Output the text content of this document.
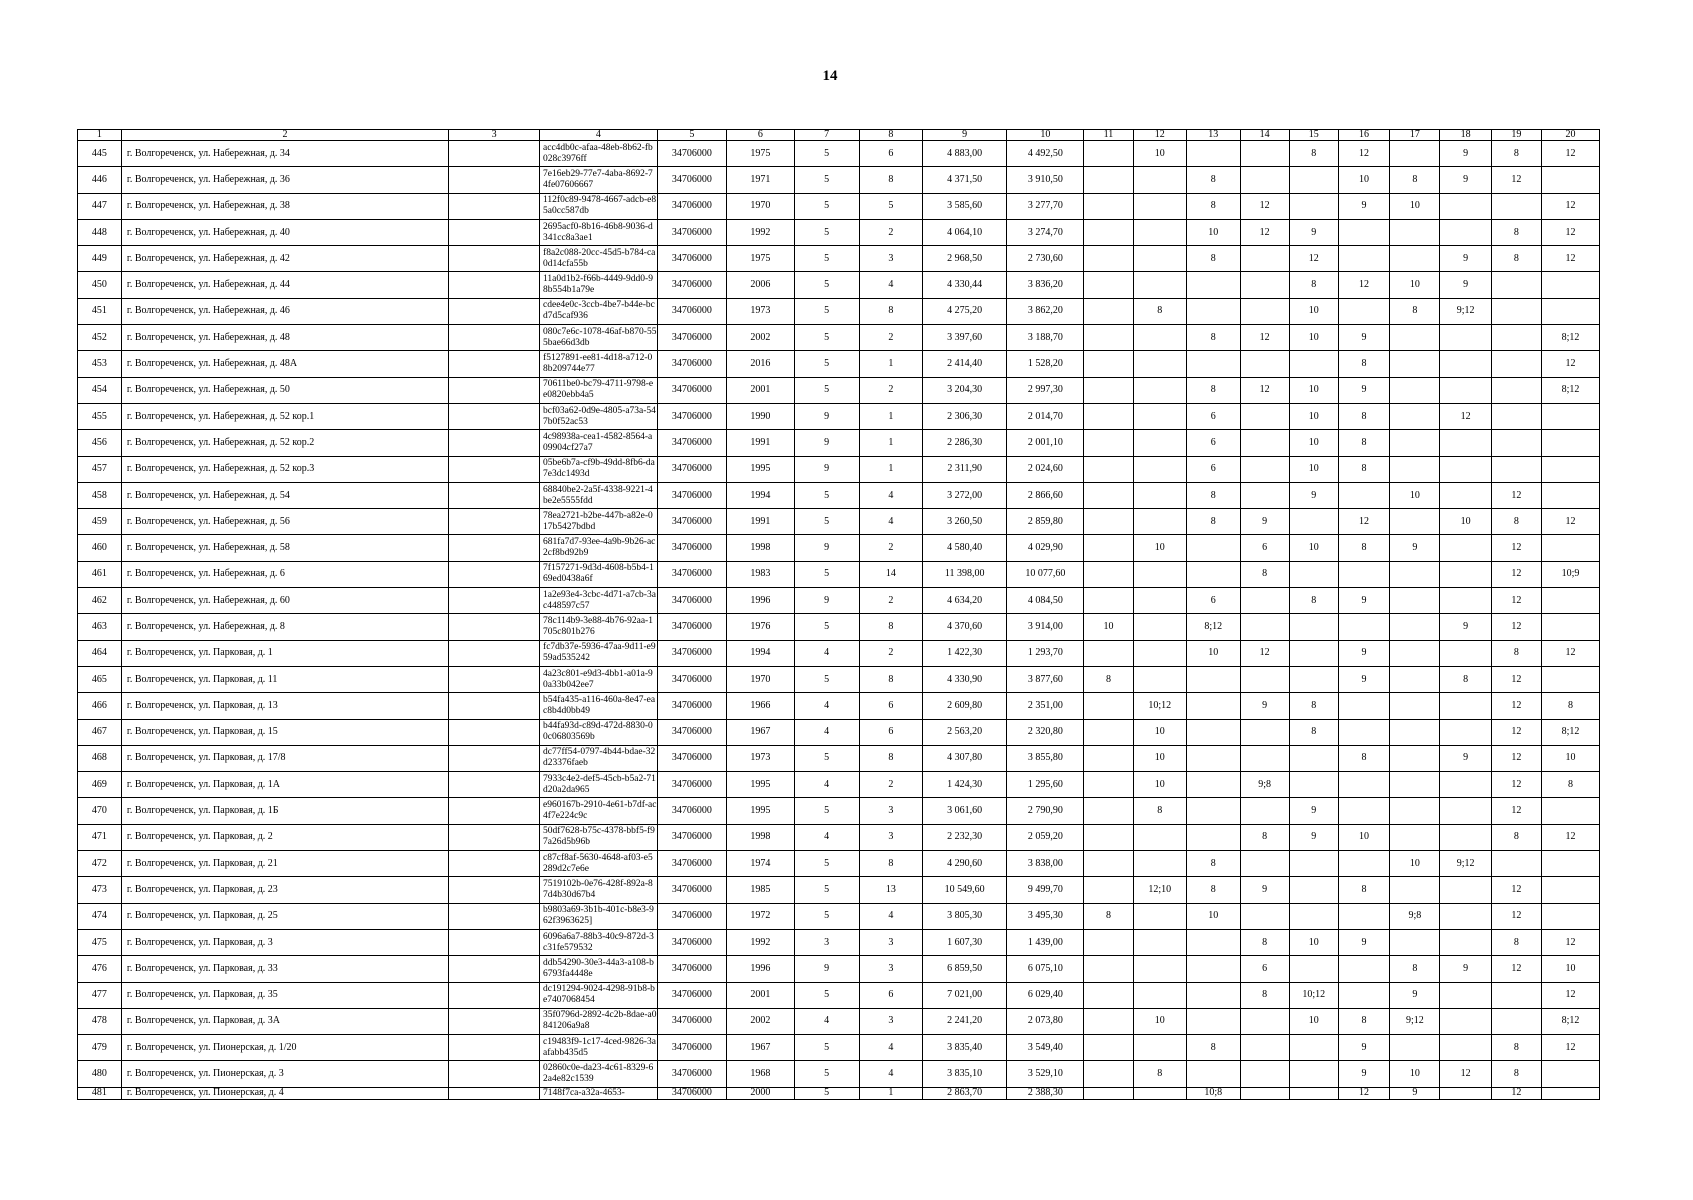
14
1	2	3	4	5	6	7	8	9	10	11	12	13	14	15	16	17	18	19	20
445	г. Волгореченск, ул. Набережная, д. 34		acc4db0c-afaa-48eb-8b62-fb028c3976ff	34706000	1975	5	6	4 883,00	4 492,50		10			8	12		9	8	12
446	г. Волгореченск, ул. Набережная, д. 36		7e16eb29-77e7-4aba-8692-74fe07606667	34706000	1971	5	8	4 371,50	3 910,50			8			10	8	9	12	
447	г. Волгореченск, ул. Набережная, д. 38		112f0c89-9478-4667-adcb-e85a0cc587db	34706000	1970	5	5	3 585,60	3 277,70			8	12		9	10			12
448	г. Волгореченск, ул. Набережная, д. 40		2695acf0-8b16-46b8-9036-d341cc8a3ae1	34706000	1992	5	2	4 064,10	3 274,70			10	12	9				8	12
449	г. Волгореченск, ул. Набережная, д. 42		f8a2c088-20cc-45d5-b784-ca0d14cfa55b	34706000	1975	5	3	2 968,50	2 730,60			8		12			9	8	12
450	г. Волгореченск, ул. Набережная, д. 44		11a0d1b2-f66b-4449-9dd0-98b554b1a79e	34706000	2006	5	4	4 330,44	3 836,20					8	12	10	9		
451	г. Волгореченск, ул. Набережная, д. 46		cdee4e0c-3ccb-4be7-b44e-bcd7d5caf936	34706000	1973	5	8	4 275,20	3 862,20		8			10		8	9;12		
452	г. Волгореченск, ул. Набережная, д. 48		080c7e6c-1078-46af-b870-555bae66d3db	34706000	2002	5	2	3 397,60	3 188,70			8	12	10	9				8;12
453	г. Волгореченск, ул. Набережная, д. 48А		f5127891-ee81-4d18-a712-08b209744e77	34706000	2016	5	1	2 414,40	1 528,20						8				12
454	г. Волгореченск, ул. Набережная, д. 50		70611be0-bc79-4711-9798-ee0820ebb4a5	34706000	2001	5	2	3 204,30	2 997,30			8	12	10	9				8;12
455	г. Волгореченск, ул. Набережная, д. 52 кор.1		bcf03a62-0d9e-4805-a73a-547b0f52ac53	34706000	1990	9	1	2 306,30	2 014,70			6		10	8		12		
456	г. Волгореченск, ул. Набережная, д. 52 кор.2		4c98938a-cea1-4582-8564-a09904cf27a7	34706000	1991	9	1	2 286,30	2 001,10			6		10	8				
457	г. Волгореченск, ул. Набережная, д. 52 кор.3		05be6b7a-cf9b-49dd-8fb6-da7e3dc1493d	34706000	1995	9	1	2 311,90	2 024,60			6		10	8				
458	г. Волгореченск, ул. Набережная, д. 54		68840be2-2a5f-4338-9221-4be2e5555fdd	34706000	1994	5	4	3 272,00	2 866,60			8		9		10		12	
459	г. Волгореченск, ул. Набережная, д. 56		78ea2721-b2be-447b-a82e-017b5427bdbd	34706000	1991	5	4	3 260,50	2 859,80			8	9		12		10	8	12
460	г. Волгореченск, ул. Набережная, д. 58		681fa7d7-93ee-4a9b-9b26-ac2cf8bd92b9	34706000	1998	9	2	4 580,40	4 029,90		10		6	10	8	9		12	
461	г. Волгореченск, ул. Набережная, д. 6		7f157271-9d3d-4608-b5b4-169ed0438a6f	34706000	1983	5	14	11 398,00	10 077,60				8					12	10;9
462	г. Волгореченск, ул. Набережная, д. 60		1a2e93e4-3cbc-4d71-a7cb-3ac448597c57	34706000	1996	9	2	4 634,20	4 084,50			6		8	9			12	
463	г. Волгореченск, ул. Набережная, д. 8		78c114b9-3e88-4b76-92aa-1705c801b276	34706000	1976	5	8	4 370,60	3 914,00	10		8;12					9	12	
464	г. Волгореченск, ул. Парковая, д. 1		fc7db37e-5936-47aa-9d11-e959ad535242	34706000	1994	4	2	1 422,30	1 293,70			10	12		9			8	12
465	г. Волгореченск, ул. Парковая, д. 11		4a23c801-e9d3-4bb1-a01a-90a33b042ee7	34706000	1970	5	8	4 330,90	3 877,60	8					9		8	12	
466	г. Волгореченск, ул. Парковая, д. 13		b54fa435-a116-460a-8e47-eac8b4d0bb49	34706000	1966	4	6	2 609,80	2 351,00		10;12		9	8				12	8
467	г. Волгореченск, ул. Парковая, д. 15		b44fa93d-c89d-472d-8830-00c06803569b	34706000	1967	4	6	2 563,20	2 320,80		10			8				12	8;12
468	г. Волгореченск, ул. Парковая, д. 17/8		dc77ff54-0797-4b44-bdae-32d23376faeb	34706000	1973	5	8	4 307,80	3 855,80		10				8		9	12	10
469	г. Волгореченск, ул. Парковая, д. 1А		7933c4e2-def5-45cb-b5a2-71d20a2da965	34706000	1995	4	2	1 424,30	1 295,60		10		9;8					12	8
470	г. Волгореченск, ул. Парковая, д. 1Б		e960167b-2910-4e61-b7df-ac4f7e224c9c	34706000	1995	5	3	3 061,60	2 790,90		8			9				12	
471	г. Волгореченск, ул. Парковая, д. 2		50df7628-b75c-4378-bbf5-f97a26d5b96b	34706000	1998	4	3	2 232,30	2 059,20				8	9	10			8	12
472	г. Волгореченск, ул. Парковая, д. 21		c87cf8af-5630-4648-af03-e5289d2c7e6e	34706000	1974	5	8	4 290,60	3 838,00			8				10	9;12		
473	г. Волгореченск, ул. Парковая, д. 23		7519102b-0e76-428f-892a-87d4b30d67b4	34706000	1985	5	13	10 549,60	9 499,70		12;10	8	9		8			12	
474	г. Волгореченск, ул. Парковая, д. 25		b9803a69-3b1b-401c-b8e3-962f3963625]	34706000	1972	5	4	3 805,30	3 495,30	8		10				9;8		12	
475	г. Волгореченск, ул. Парковая, д. 3		6096a6a7-88b3-40c9-872d-3c31fe579532	34706000	1992	3	3	1 607,30	1 439,00				8	10	9			8	12
476	г. Волгореченск, ул. Парковая, д. 33		ddb54290-30e3-44a3-a108-b6793fa4448e	34706000	1996	9	3	6 859,50	6 075,10				6			8	9	12	10
477	г. Волгореченск, ул. Парковая, д. 35		dc191294-9024-4298-91b8-be7407068454	34706000	2001	5	6	7 021,00	6 029,40				8	10;12		9			12
478	г. Волгореченск, ул. Парковая, д. 3А		35f0796d-2892-4c2b-8dae-a0841206a9a8	34706000	2002	4	3	2 241,20	2 073,80		10			10	8	9;12			8;12
479	г. Волгореченск, ул. Пионерская, д. 1/20		c19483f9-1c17-4ced-9826-3aafabb435d5	34706000	1967	5	4	3 835,40	3 549,40			8			9			8	12
480	г. Волгореченск, ул. Пионерская, д. 3		02860c0e-da23-4c61-8329-62a4e82c1539	34706000	1968	5	4	3 835,10	3 529,10		8				9	10	12	8	
481	г. Волгореченск, ул. Пионерская, д. 4		7148f7ca-a32a-4653-	34706000	2000	5	1	2 863,70	2 388,30			10;8			12	9		12	
